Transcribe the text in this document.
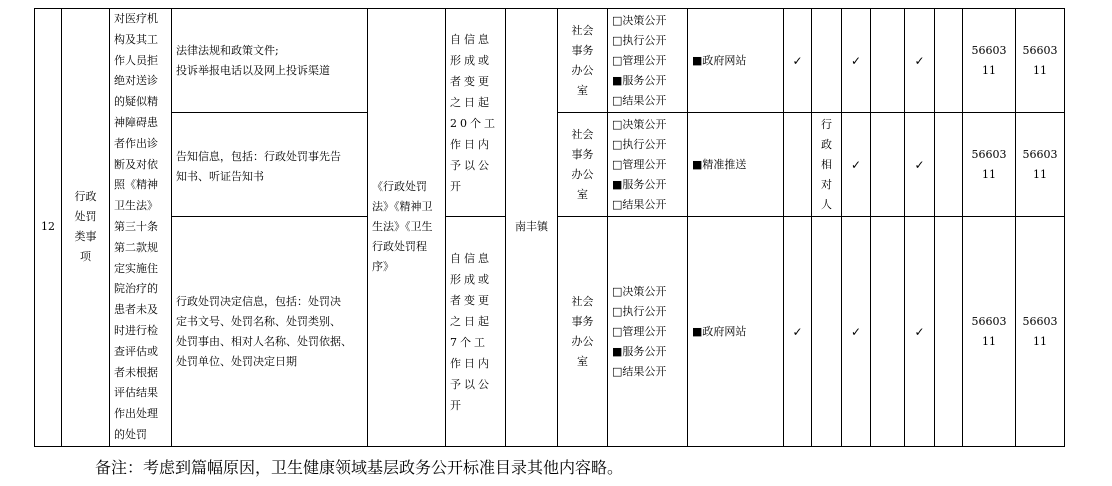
12	行政处罚类事项	对医疗机构及其工作人员拒绝对送诊的疑似精神障碍患者作出诊断及对依照《精神卫生法》第三十条第二款规定实施住院治疗的患者未及时进行检查评估或者未根据评估结果作出处理的处罚	法律法规和政策文件;
投诉举报电话以及网上投诉渠道	《行政处罚法》《精神卫生法》《卫生行政处罚程序》	自信息形成或者变更之日起20个工作日内予以公开	南丰镇	社会事务办公室	□决策公开
□执行公开
□管理公开
■服务公开
□结果公开	■政府网站	✓		✓		✓		5660311	5660311

			告知信息，包括：行政处罚事先告
知书、听证告知书				社会事务办公室	□决策公开
□执行公开
□管理公开
■服务公开
□结果公开	■精准推送		行政相对人	✓		✓		5660311	5660311

			行政处罚决定信息，包括：处罚决
定书文号、处罚名称、处罚类别、
处罚事由、相对人名称、处罚依据、
处罚单位、处罚决定日期		自信息形成或者变更之日起7个工作日内予以公开		社会事务办公室	□决策公开
□执行公开
□管理公开
■服务公开
□结果公开	■政府网站	✓		✓		✓		5660311	5660311
备注：考虑到篇幅原因，卫生健康领域基层政务公开标准目录其他内容略。
